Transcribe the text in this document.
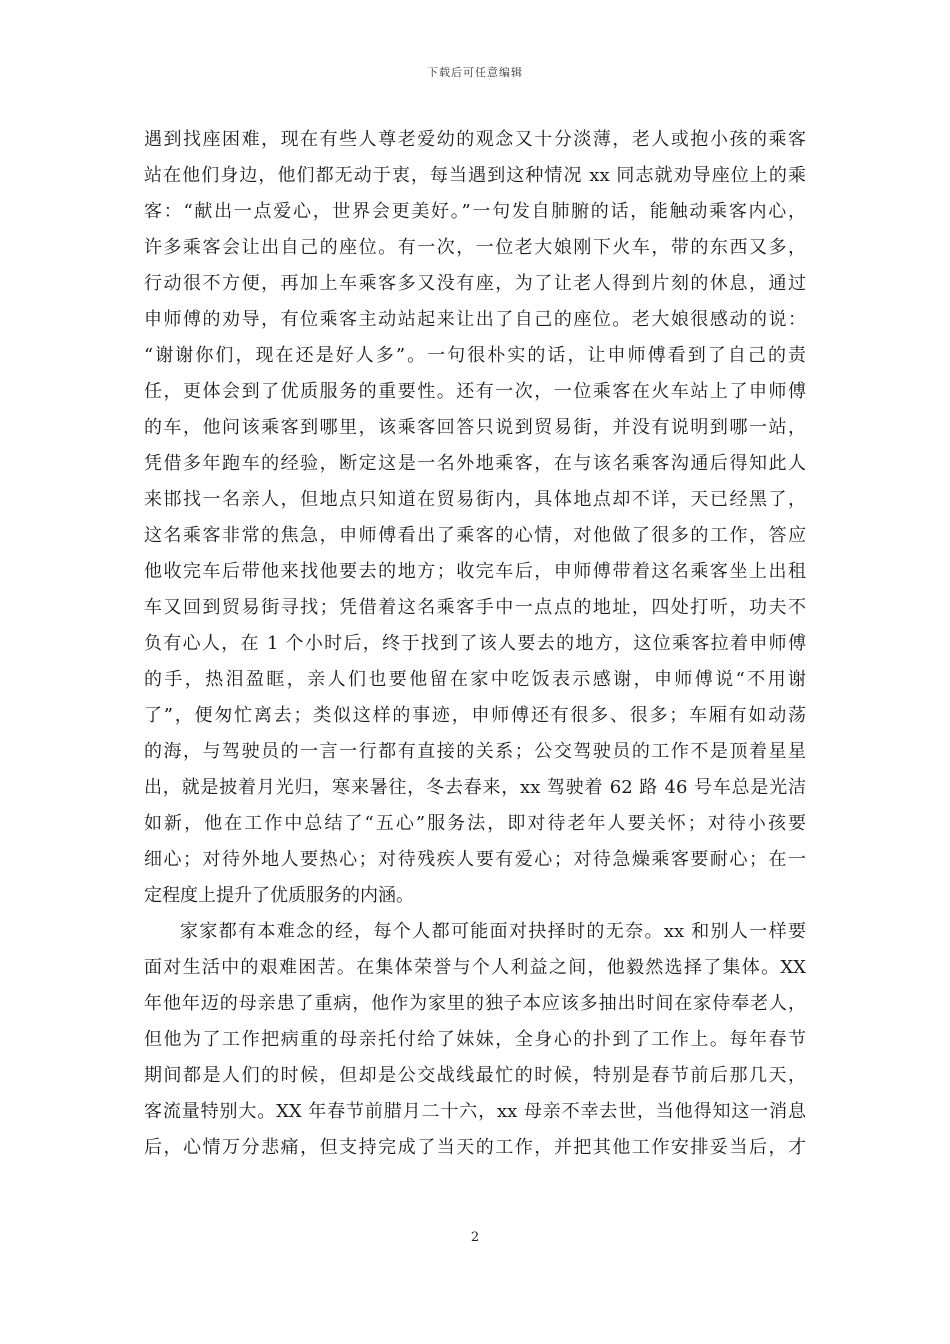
下载后可任意编辑
遇到找座困难，现在有些人尊老爱幼的观念又十分淡薄，老人或抱小孩的乘客
站在他们身边，他们都无动于衷，每当遇到这种情况 xx 同志就劝导座位上的乘
客：“献出一点爱心，世界会更美好。”一句发自肺腑的话，能触动乘客内心，
许多乘客会让出自己的座位。有一次，一位老大娘刚下火车，带的东西又多，
行动很不方便，再加上车乘客多又没有座，为了让老人得到片刻的休息，通过
申师傅的劝导，有位乘客主动站起来让出了自己的座位。老大娘很感动的说：
“谢谢你们，现在还是好人多”。一句很朴实的话，让申师傅看到了自己的责
任，更体会到了优质服务的重要性。还有一次，一位乘客在火车站上了申师傅
的车，他问该乘客到哪里，该乘客回答只说到贸易街，并没有说明到哪一站，
凭借多年跑车的经验，断定这是一名外地乘客，在与该名乘客沟通后得知此人
来邯找一名亲人，但地点只知道在贸易街内，具体地点却不详，天已经黑了，
这名乘客非常的焦急，申师傅看出了乘客的心情，对他做了很多的工作，答应
他收完车后带他来找他要去的地方；收完车后，申师傅带着这名乘客坐上出租
车又回到贸易街寻找；凭借着这名乘客手中一点点的地址，四处打听，功夫不
负有心人，在 1 个小时后，终于找到了该人要去的地方，这位乘客拉着申师傅
的手，热泪盈眶，亲人们也要他留在家中吃饭表示感谢，申师傅说“不用谢
了”，便匆忙离去；类似这样的事迹，申师傅还有很多、很多；车厢有如动荡
的海，与驾驶员的一言一行都有直接的关系；公交驾驶员的工作不是顶着星星
出，就是披着月光归，寒来暑往，冬去春来，xx 驾驶着 62 路 46 号车总是光洁
如新，他在工作中总结了“五心”服务法，即对待老年人要关怀；对待小孩要
细心；对待外地人要热心；对待残疾人要有爱心；对待急燥乘客要耐心；在一
定程度上提升了优质服务的内涵。
家家都有本难念的经，每个人都可能面对抉择时的无奈。xx 和别人一样要
面对生活中的艰难困苦。在集体荣誉与个人利益之间，他毅然选择了集体。XX
年他年迈的母亲患了重病，他作为家里的独子本应该多抽出时间在家侍奉老人，
但他为了工作把病重的母亲托付给了妹妹，全身心的扑到了工作上。每年春节
期间都是人们的时候，但却是公交战线最忙的时候，特别是春节前后那几天，
客流量特别大。XX 年春节前腊月二十六，xx 母亲不幸去世，当他得知这一消息
后，心情万分悲痛，但支持完成了当天的工作，并把其他工作安排妥当后，才
2
